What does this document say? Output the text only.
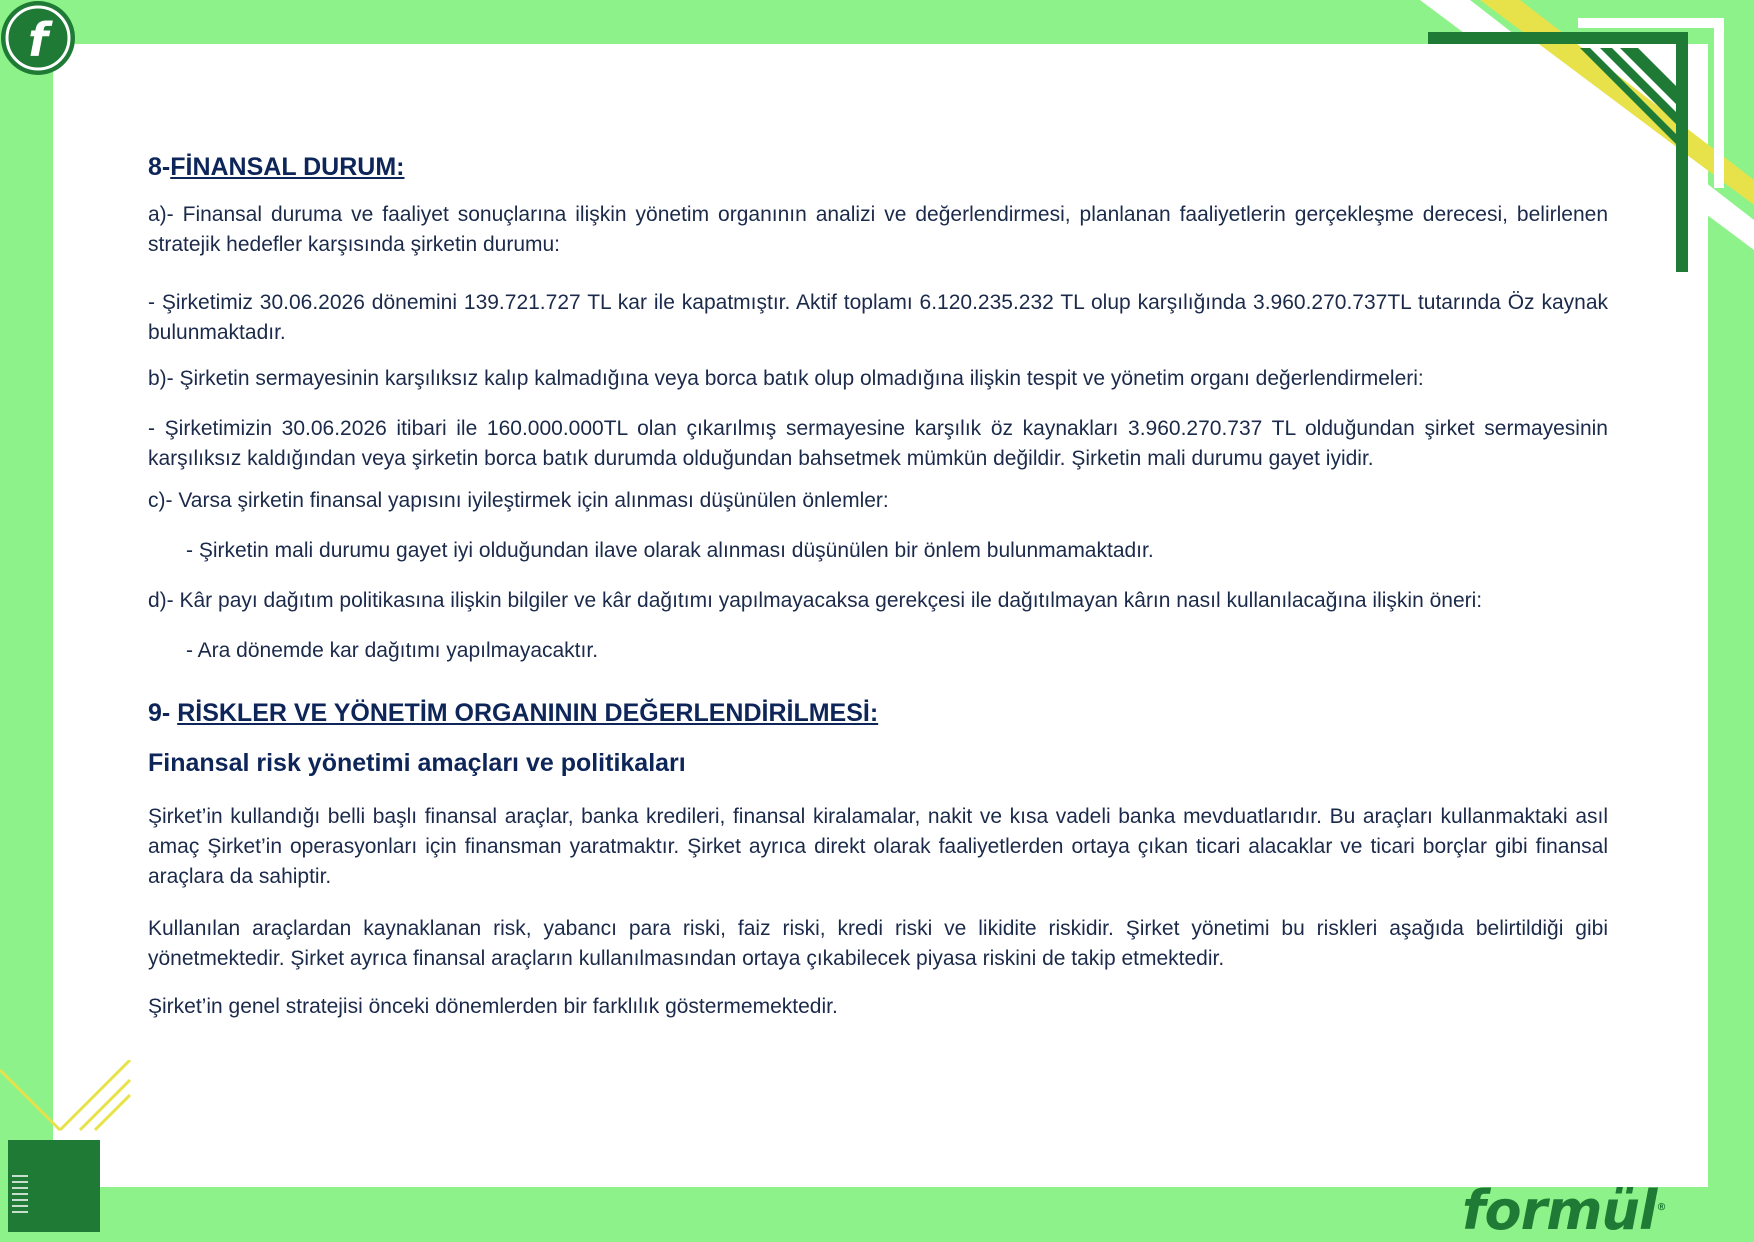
f
formül®
8-FİNANSAL DURUM:

a)- Finansal duruma ve faaliyet sonuçlarına ilişkin yönetim organının analizi ve değerlendirmesi, planlanan faaliyetlerin gerçekleşme derecesi, belirlenen stratejik hedefler karşısında şirketin durumu:

- Şirketimiz 30.06.2026 dönemini 139.721.727 TL kar ile kapatmıştır. Aktif toplamı 6.120.235.232 TL olup karşılığında 3.960.270.737TL tutarında Öz kaynak bulunmaktadır.

b)- Şirketin sermayesinin karşılıksız kalıp kalmadığına veya borca batık olup olmadığına ilişkin tespit ve yönetim organı değerlendirmeleri:

- Şirketimizin 30.06.2026 itibari ile 160.000.000TL olan çıkarılmış sermayesine karşılık öz kaynakları 3.960.270.737 TL olduğundan şirket sermayesinin karşılıksız kaldığından veya şirketin borca batık durumda olduğundan bahsetmek mümkün değildir. Şirketin mali durumu gayet iyidir.

c)- Varsa şirketin finansal yapısını iyileştirmek için alınması düşünülen önlemler:

- Şirketin mali durumu gayet iyi olduğundan ilave olarak alınması düşünülen bir önlem bulunmamaktadır.

d)- Kâr payı dağıtım politikasına ilişkin bilgiler ve kâr dağıtımı yapılmayacaksa gerekçesi ile dağıtılmayan kârın nasıl kullanılacağına ilişkin öneri:

- Ara dönemde kar dağıtımı yapılmayacaktır.

9- RİSKLER VE YÖNETİM ORGANININ DEĞERLENDİRİLMESİ:
Finansal risk yönetimi amaçları ve politikaları

Şirket’in kullandığı belli başlı finansal araçlar, banka kredileri, finansal kiralamalar, nakit ve kısa vadeli banka mevduatlarıdır. Bu araçları kullanmaktaki asıl amaç Şirket’in operasyonları için finansman yaratmaktır. Şirket ayrıca direkt olarak faaliyetlerden ortaya çıkan ticari alacaklar ve ticari borçlar gibi finansal araçlara da sahiptir.

Kullanılan araçlardan kaynaklanan risk, yabancı para riski, faiz riski, kredi riski ve likidite riskidir. Şirket yönetimi bu riskleri aşağıda belirtildiği gibi yönetmektedir. Şirket ayrıca finansal araçların kullanılmasından ortaya çıkabilecek piyasa riskini de takip etmektedir.

Şirket’in genel stratejisi önceki dönemlerden bir farklılık göstermemektedir.
